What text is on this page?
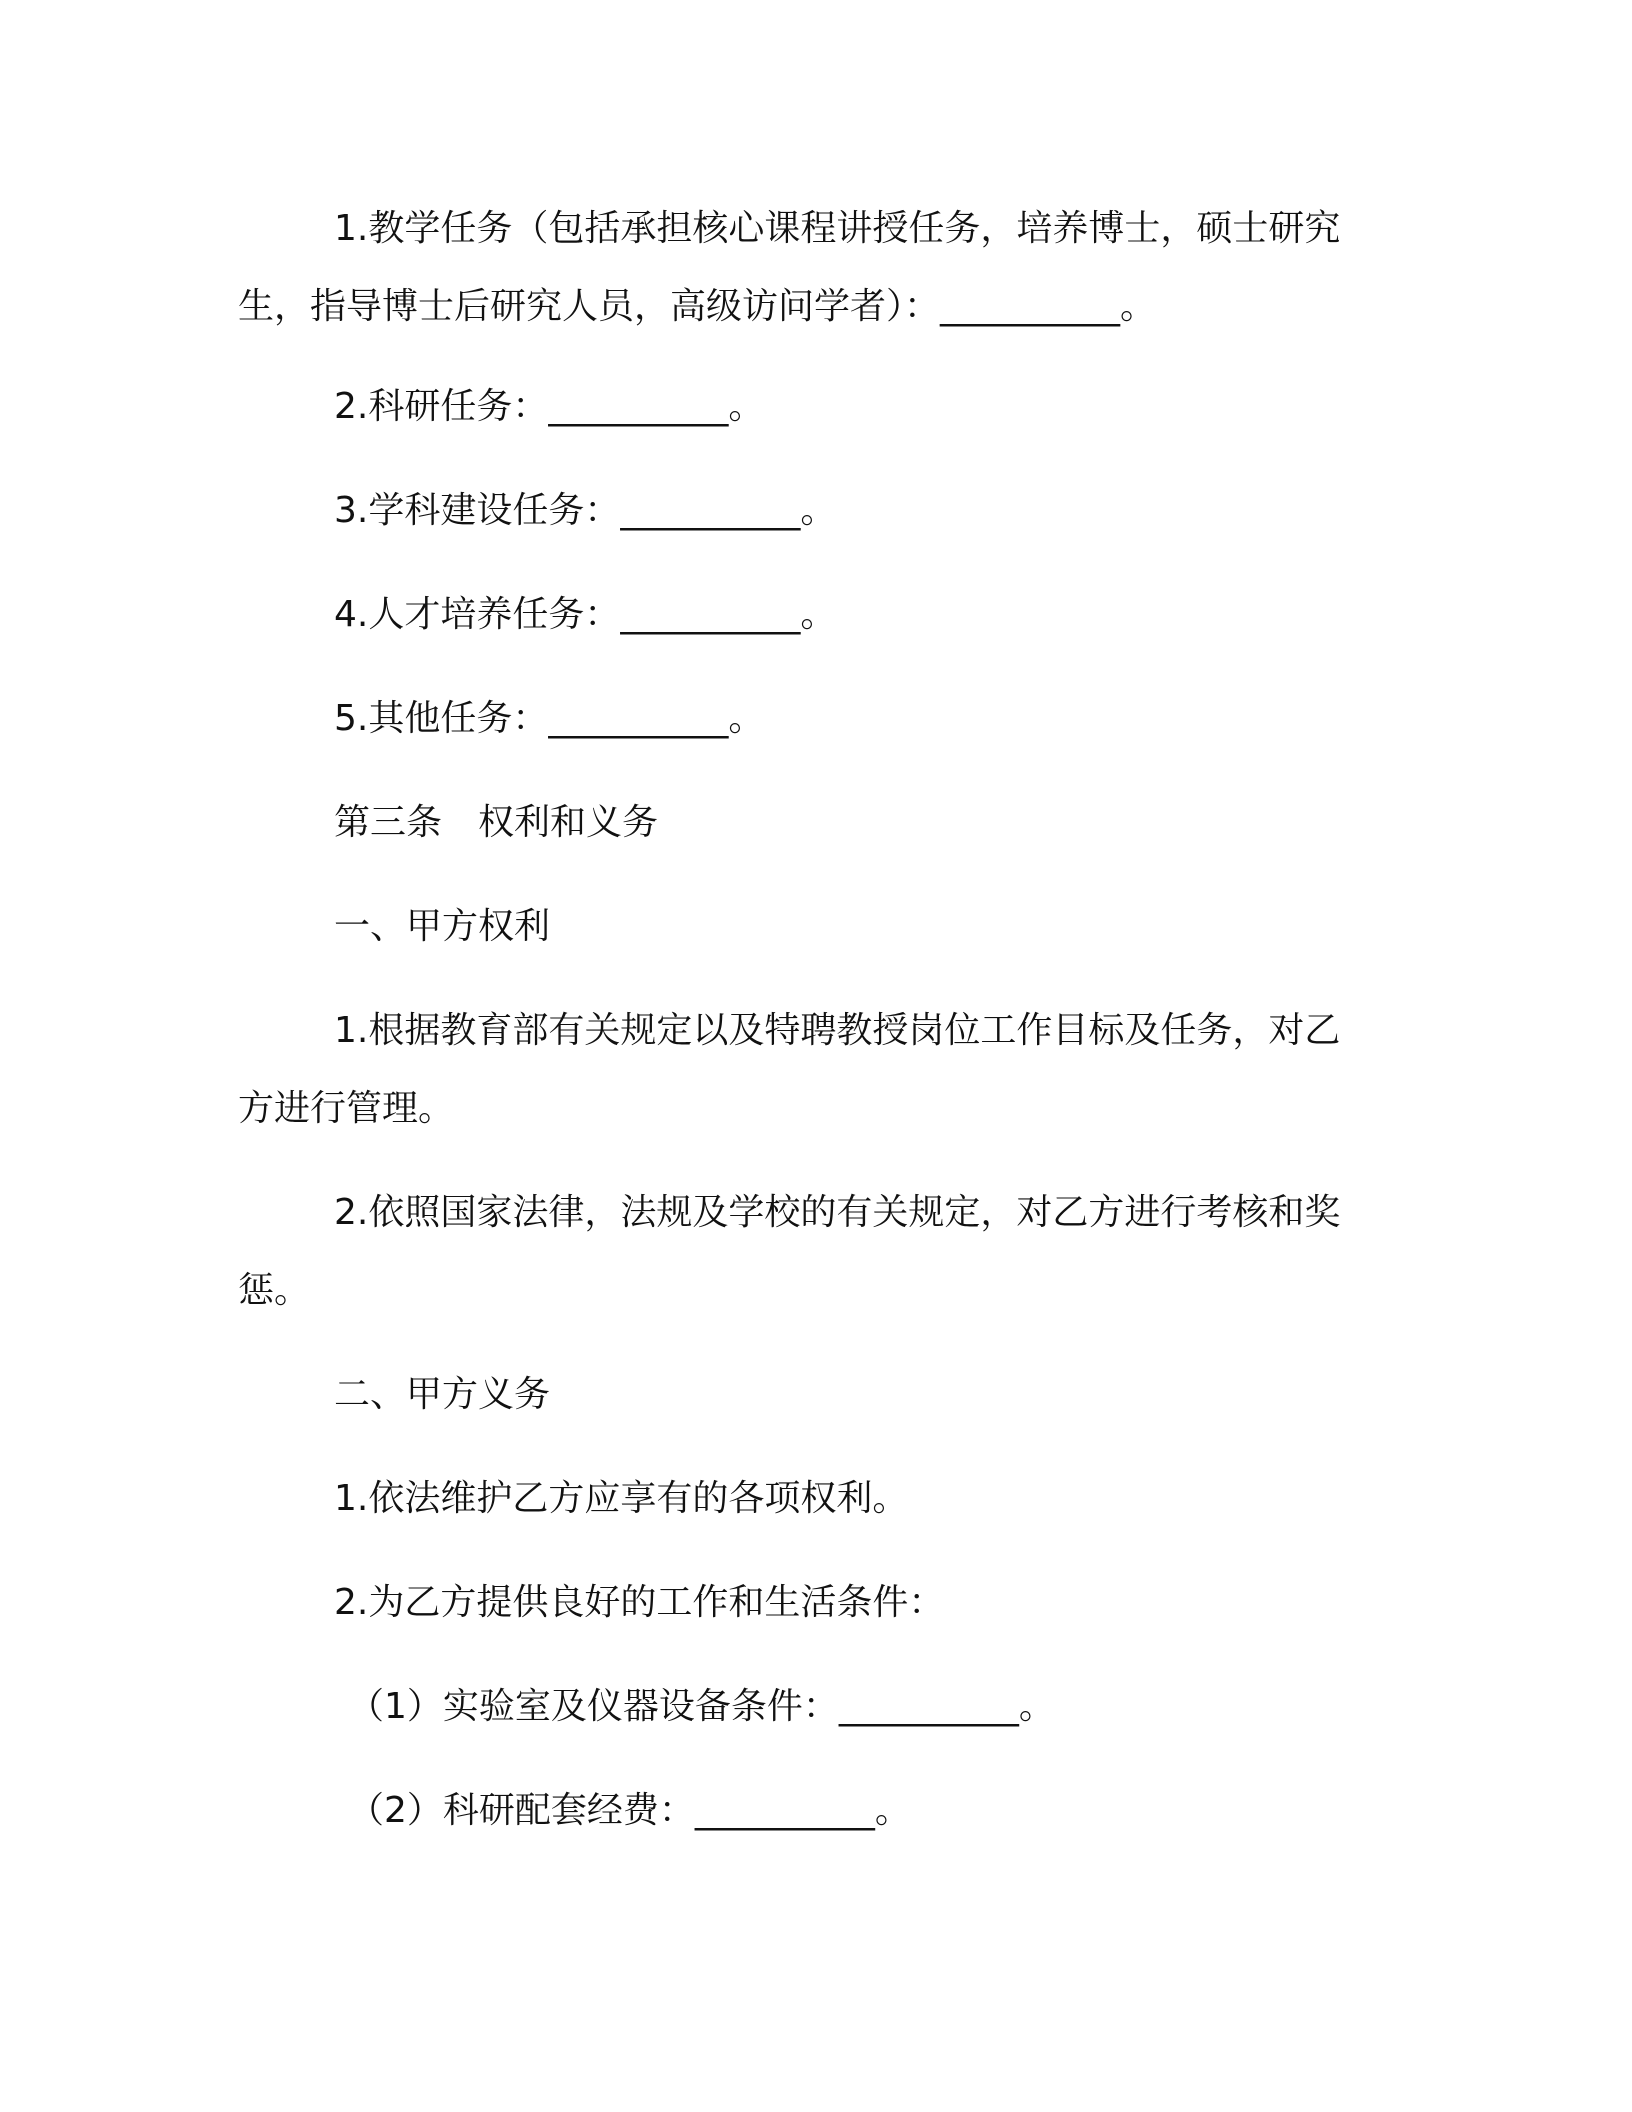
1.教学任务（包括承担核心课程讲授任务，培养博士，硕士研究生，指导博士后研究人员，高级访问学者）：__________。

2.科研任务：__________。

3.学科建设任务：__________。

4.人才培养任务：__________。

5.其他任务：__________。

第三条　权利和义务

一、甲方权利

1.根据教育部有关规定以及特聘教授岗位工作目标及任务，对乙方进行管理。

2.依照国家法律，法规及学校的有关规定，对乙方进行考核和奖惩。

二、甲方义务

1.依法维护乙方应享有的各项权利。

2.为乙方提供良好的工作和生活条件：

（1）实验室及仪器设备条件：__________。

（2）科研配套经费：__________。
